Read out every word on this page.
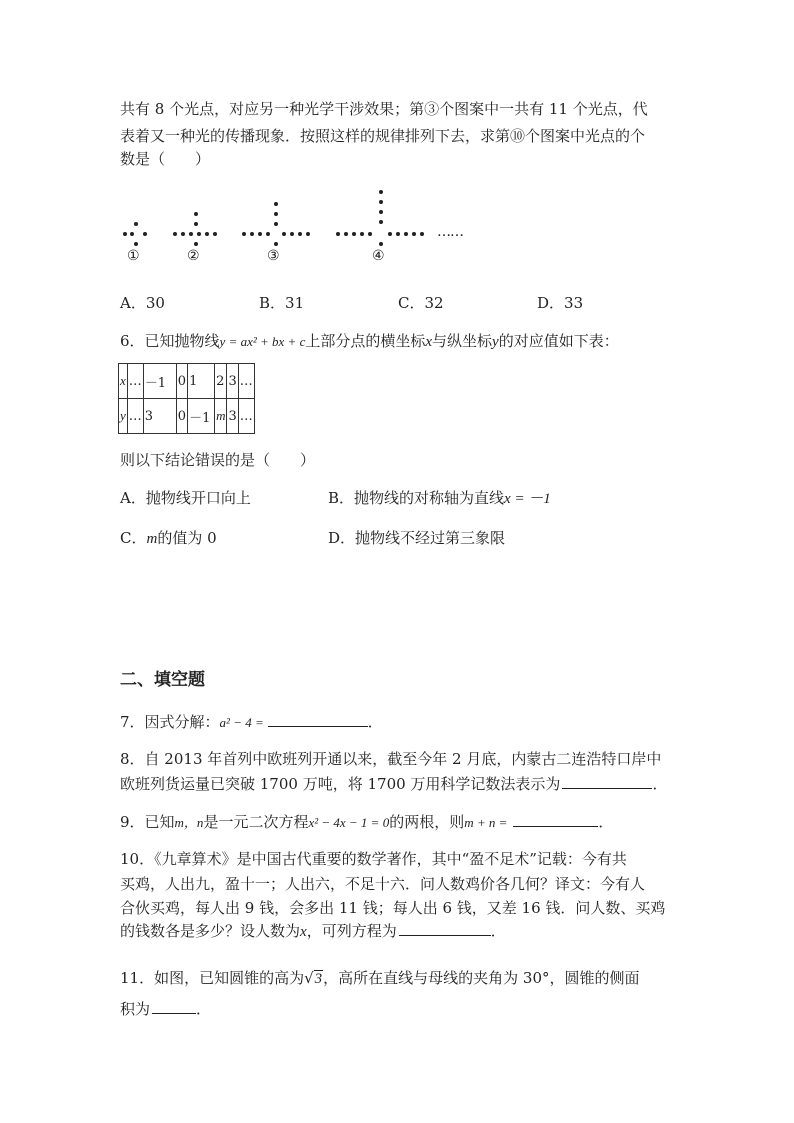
共有 8 个光点，对应另一种光学干涉效果；第③个图案中一共有 11 个光点，代
表着又一种光的传播现象．按照这样的规律排列下去，求第⑩个图案中光点的个
数是（　　）
……
①	②	③	④
A．30	B．31	C．32	D．33
6．已知抛物线y = ax² + bx + c上部分点的横坐标x与纵坐标y的对应值如下表：
x	…	－1	0	1	2	3	…
y	…	3	0	－1	m	3	…
则以下结论错误的是（　　）
A．抛物线开口向上	B．抛物线的对称轴为直线x = －1
C．m的值为 0	D．抛物线不经过第三象限
二、填空题
7．因式分解：a² − 4 =	．
8．自 2013 年首列中欧班列开通以来，截至今年 2 月底，内蒙古二连浩特口岸中
欧班列货运量已突破 1700 万吨，将 1700 万用科学记数法表示为	．
9．已知m，n是一元二次方程x² − 4x − 1 = 0的两根，则m + n =	．
10．《九章算术》是中国古代重要的数学著作，其中“盈不足术”记载：今有共
买鸡，人出九，盈十一；人出六，不足十六．问人数鸡价各几何？译文：今有人
合伙买鸡，每人出 9 钱，会多出 11 钱；每人出 6 钱，又差 16 钱．问人数、买鸡
的钱数各是多少？设人数为x，可列方程为	．
11．如图，已知圆锥的高为√3，高所在直线与母线的夹角为 30°，圆锥的侧面
积为	．
